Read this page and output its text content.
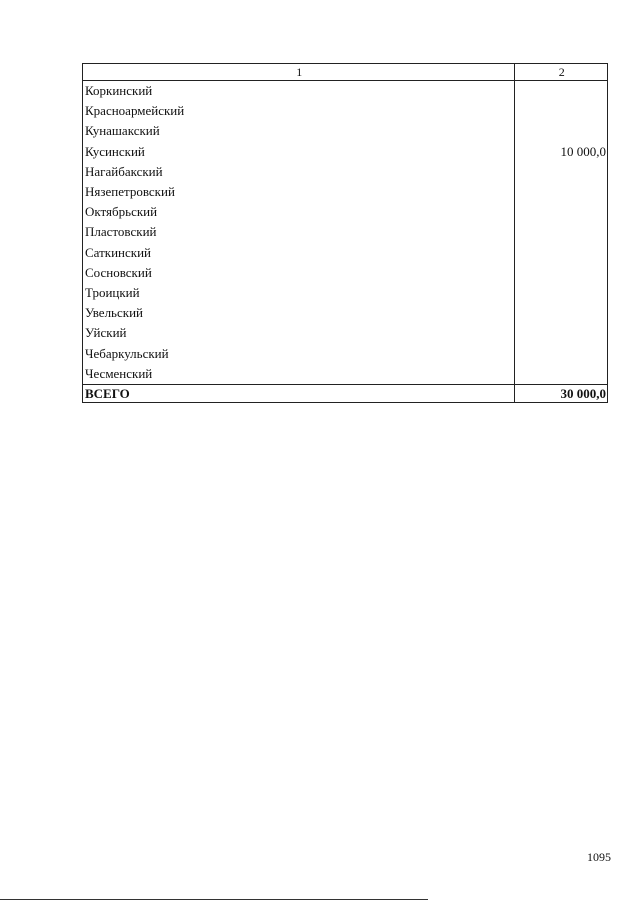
1	2
Коркинский	
Красноармейский	
Кунашакский	
Кусинский	10 000,0
Нагайбакский	
Нязепетровский	
Октябрьский	
Пластовский	
Саткинский	
Сосновский	
Троицкий	
Увельский	
Уйский	
Чебаркульский	
Чесменский	
ВСЕГО	30 000,0
1095
